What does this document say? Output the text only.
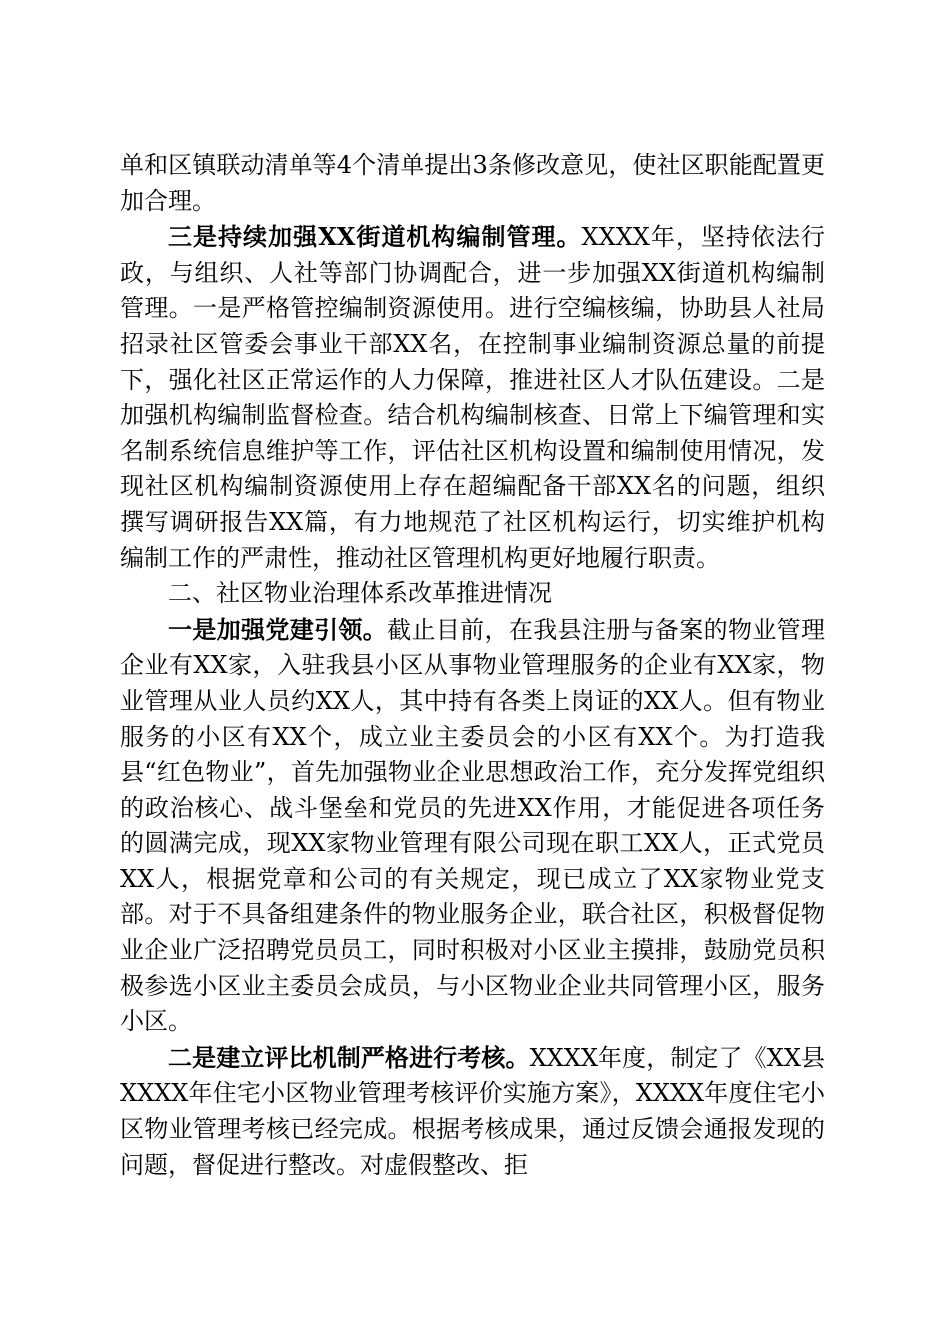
单和区镇联动清单等4个清单提出3条修改意见，使社区职能配置更加合理。

三是持续加强XX街道机构编制管理。XXXX年，坚持依法行政，与组织、人社等部门协调配合，进一步加强XX街道机构编制管理。一是严格管控编制资源使用。进行空编核编，协助县人社局招录社区管委会事业干部XX名，在控制事业编制资源总量的前提下，强化社区正常运作的人力保障，推进社区人才队伍建设。二是加强机构编制监督检查。结合机构编制核查、日常上下编管理和实名制系统信息维护等工作，评估社区机构设置和编制使用情况，发现社区机构编制资源使用上存在超编配备干部XX名的问题，组织撰写调研报告XX篇，有力地规范了社区机构运行，切实维护机构编制工作的严肃性，推动社区管理机构更好地履行职责。

二、社区物业治理体系改革推进情况

一是加强党建引领。截止目前，在我县注册与备案的物业管理企业有XX家，入驻我县小区从事物业管理服务的企业有XX家，物业管理从业人员约XX人，其中持有各类上岗证的XX人。但有物业服务的小区有XX个，成立业主委员会的小区有XX个。为打造我县“红色物业”，首先加强物业企业思想政治工作，充分发挥党组织的政治核心、战斗堡垒和党员的先进XX作用，才能促进各项任务的圆满完成，现XX家物业管理有限公司现在职工XX人，正式党员XX人，根据党章和公司的有关规定，现已成立了XX家物业党支部。对于不具备组建条件的物业服务企业，联合社区，积极督促物业企业广泛招聘党员员工，同时积极对小区业主摸排，鼓励党员积极参选小区业主委员会成员，与小区物业企业共同管理小区，服务小区。

二是建立评比机制严格进行考核。XXXX年度，制定了《XX县XXXX年住宅小区物业管理考核评价实施方案》，XXXX年度住宅小区物业管理考核已经完成。根据考核成果，通过反馈会通报发现的问题，督促进行整改。对虚假整改、拒
